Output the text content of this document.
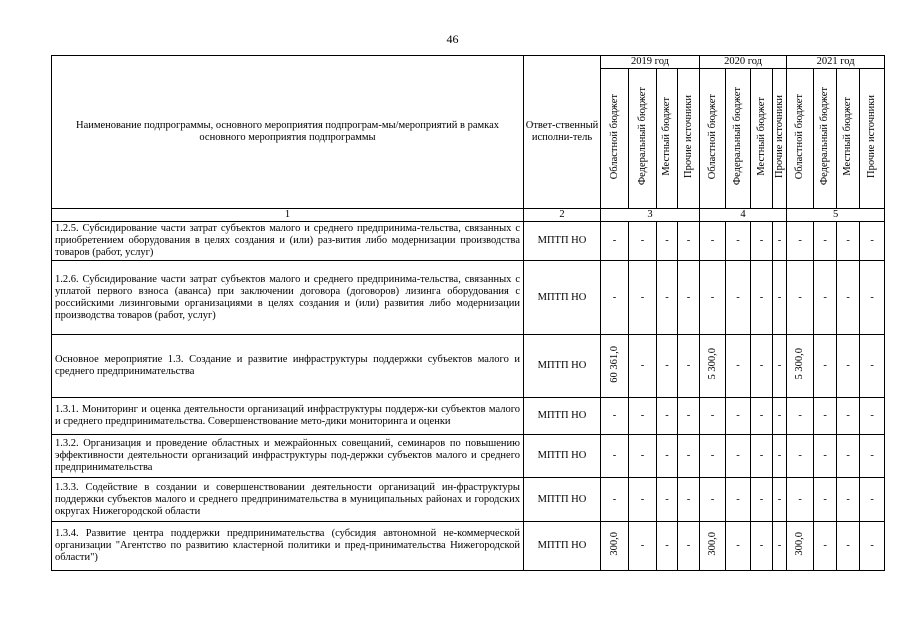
46
Наименование подпрограммы, основного мероприятия подпрограм-мы/мероприятий в рамках основного мероприятия подпрограммы	Ответ-ственный исполни-тель	2019 год				2020 год				2021 год			
		Областной бюджет	Федеральный бюджет	Местный бюджет	Прочие источники	Областной бюджет	Федеральный бюджет	Местный бюджет	Прочие источники	Областной бюджет	Федеральный бюджет	Местный бюджет	Прочие источники
1	2	3				4				5			
1.2.5. Субсидирование части затрат субъектов малого и среднего предпринима-тельства, связанных с приобретением оборудования в целях создания и (или) раз-вития либо модернизации производства товаров (работ, услуг)	МПТП НО	-	-	-	-	-	-	-	-	-	-	-	-
1.2.6. Субсидирование части затрат субъектов малого и среднего предпринима-тельства, связанных с уплатой первого взноса (аванса) при заключении договора (договоров) лизинга оборудования с российскими лизинговыми организациями в целях создания и (или) развития либо модернизации производства товаров (работ, услуг)	МПТП НО	-	-	-	-	-	-	-	-	-	-	-	-
Основное мероприятие 1.3. Создание и развитие инфраструктуры поддержки субъектов малого и среднего предпринимательства	МПТП НО	60 361,0	-	-	-	5 300,0	-	-	-	5 300,0	-	-	-
1.3.1. Мониторинг и оценка деятельности организаций инфраструктуры поддерж-ки субъектов малого и среднего предпринимательства. Совершенствование мето-дики мониторинга и оценки	МПТП НО	-	-	-	-	-	-	-	-	-	-	-	-
1.3.2. Организация и проведение областных и межрайонных совещаний, семинаров по повышению эффективности деятельности организаций инфраструктуры под-держки субъектов малого и среднего предпринимательства	МПТП НО	-	-	-	-	-	-	-	-	-	-	-	-
1.3.3. Содействие в создании и совершенствовании деятельности организаций ин-фраструктуры поддержки субъектов малого и среднего предпринимательства в муниципальных районах и городских округах Нижегородской области	МПТП НО	-	-	-	-	-	-	-	-	-	-	-	-
1.3.4. Развитие центра поддержки предпринимательства (субсидия автономной не-коммерческой организации "Агентство по развитию кластерной политики и пред-принимательства Нижегородской области")	МПТП НО	300,0	-	-	-	300,0	-	-	-	300,0	-	-	-
